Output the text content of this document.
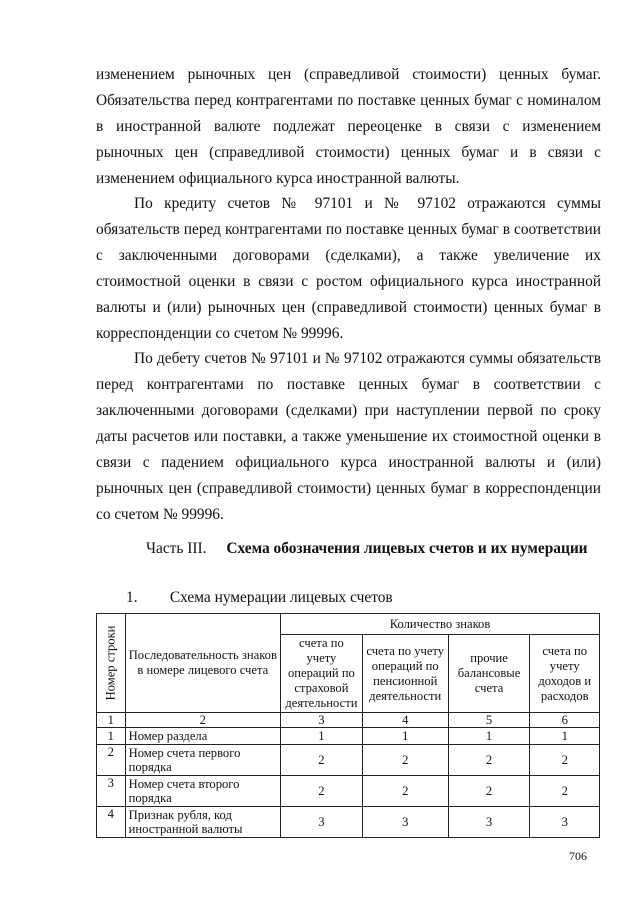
изменением рыночных цен (справедливой стоимости) ценных бумаг. Обязательства перед контрагентами по поставке ценных бумаг с номиналом в иностранной валюте подлежат переоценке в связи с изменением рыночных цен (справедливой стоимости) ценных бумаг и в связи с изменением официального курса иностранной валюты.

По кредиту счетов № 97101 и № 97102 отражаются суммы обязательств перед контрагентами по поставке ценных бумаг в соответствии с заключенными договорами (сделками), а также увеличение их стоимостной оценки в связи с ростом официального курса иностранной валюты и (или) рыночных цен (справедливой стоимости) ценных бумаг в корреспонденции со счетом № 99996.

По дебету счетов № 97101 и № 97102 отражаются суммы обязательств перед контрагентами по поставке ценных бумаг в соответствии с заключенными договорами (сделками) при наступлении первой по сроку даты расчетов или поставки, а также уменьшение их стоимостной оценки в связи с падением официального курса иностранной валюты и (или) рыночных цен (справедливой стоимости) ценных бумаг в корреспонденции со счетом № 99996.

Часть III. Схема обозначения лицевых счетов и их нумерации
1. Схема нумерации лицевых счетов
Номер строки	Последовательность знаков в номере лицевого счета	Количество знаков			
		счета по учету операций по страховой деятельности	счета по учету операций по пенсионной деятельности	прочие балансовые счета	счета по учету доходов и расходов
1	2	3	4	5	6
1	Номер раздела	1	1	1	1
2	Номер счета первого порядка	2	2	2	2
3	Номер счета второго порядка	2	2	2	2
4	Признак рубля, код иностранной валюты	3	3	3	3
706
